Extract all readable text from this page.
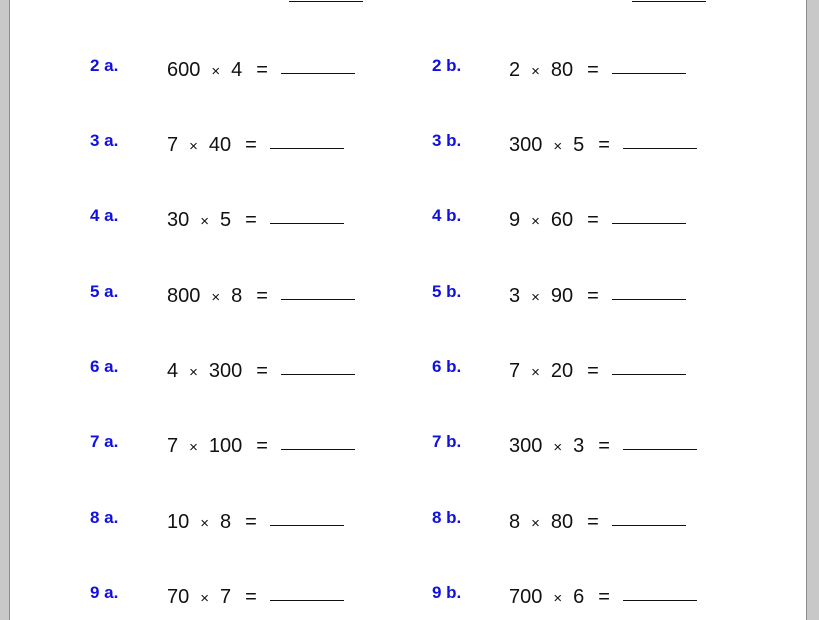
2 a. 600 × 4 =	2 b. 2 × 80 =
3 a. 7 × 40 =	3 b. 300 × 5 =
4 a. 30 × 5 =	4 b. 9 × 60 =
5 a. 800 × 8 =	5 b. 3 × 90 =
6 a. 4 × 300 =	6 b. 7 × 20 =
7 a. 7 × 100 =	7 b. 300 × 3 =
8 a. 10 × 8 =	8 b. 8 × 80 =
9 a. 70 × 7 =	9 b. 700 × 6 =
